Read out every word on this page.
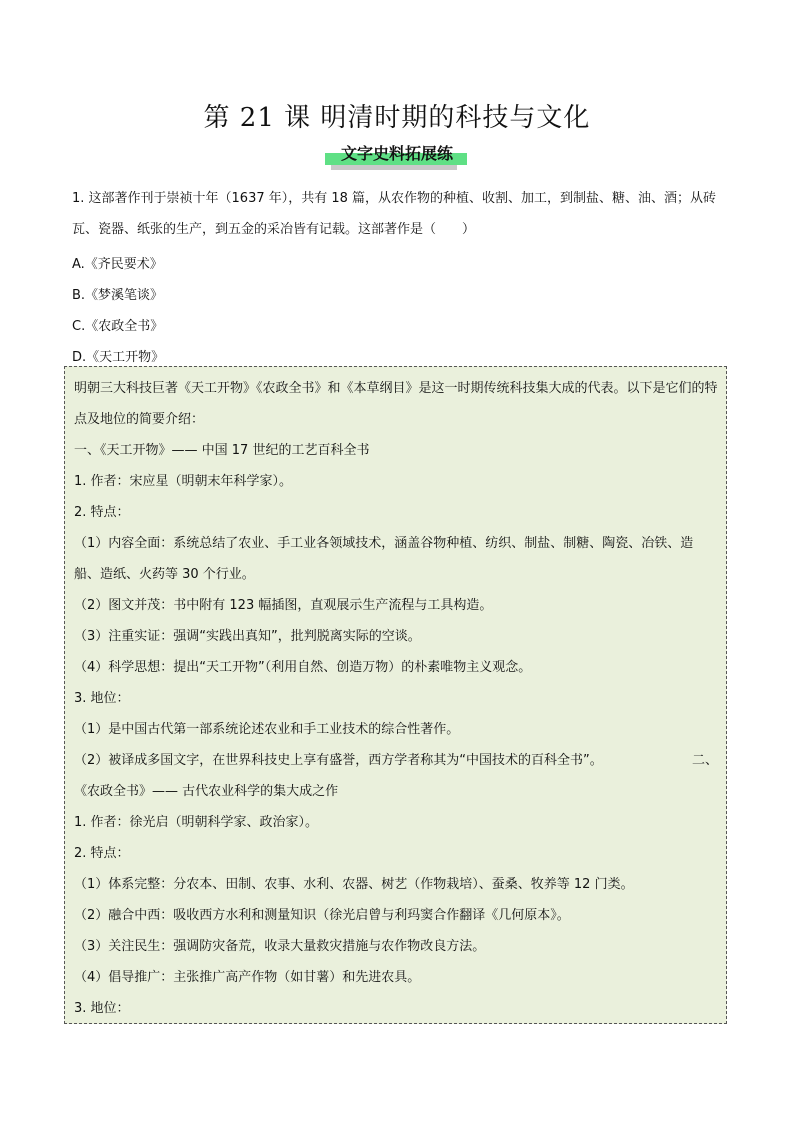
第 21 课 明清时期的科技与文化
文字史料拓展练

1. 这部著作刊于崇祯十年（1637 年），共有 18 篇，从农作物的种植、收割、加工，到制盐、糖、油、酒；从砖瓦、瓷器、纸张的生产，到五金的采冶皆有记载。这部著作是（　　）

A.《齐民要术》

B.《梦溪笔谈》

C.《农政全书》

D.《天工开物》

明朝三大科技巨著《天工开物》《农政全书》和《本草纲目》是这一时期传统科技集大成的代表。以下是它们的特点及地位的简要介绍：

一、《天工开物》—— 中国 17 世纪的工艺百科全书

1. 作者：宋应星（明朝末年科学家）。

2. 特点：

（1）内容全面：系统总结了农业、手工业各领域技术，涵盖谷物种植、纺织、制盐、制糖、陶瓷、冶铁、造船、造纸、火药等 30 个行业。

（2）图文并茂：书中附有 123 幅插图，直观展示生产流程与工具构造。

（3）注重实证：强调“实践出真知”，批判脱离实际的空谈。

（4）科学思想：提出“天工开物”（利用自然、创造万物）的朴素唯物主义观念。

3. 地位：

（1）是中国古代第一部系统论述农业和手工业技术的综合性著作。

（2）被译成多国文字，在世界科技史上享有盛誉，西方学者称其为“中国技术的百科全书”。	二、

《农政全书》—— 古代农业科学的集大成之作

1. 作者：徐光启（明朝科学家、政治家）。

2. 特点：

（1）体系完整：分农本、田制、农事、水利、农器、树艺（作物栽培）、蚕桑、牧养等 12 门类。

（2）融合中西：吸收西方水利和测量知识（徐光启曾与利玛窦合作翻译《几何原本》。

（3）关注民生：强调防灾备荒，收录大量救灾措施与农作物改良方法。

（4）倡导推广：主张推广高产作物（如甘薯）和先进农具。

3. 地位：
